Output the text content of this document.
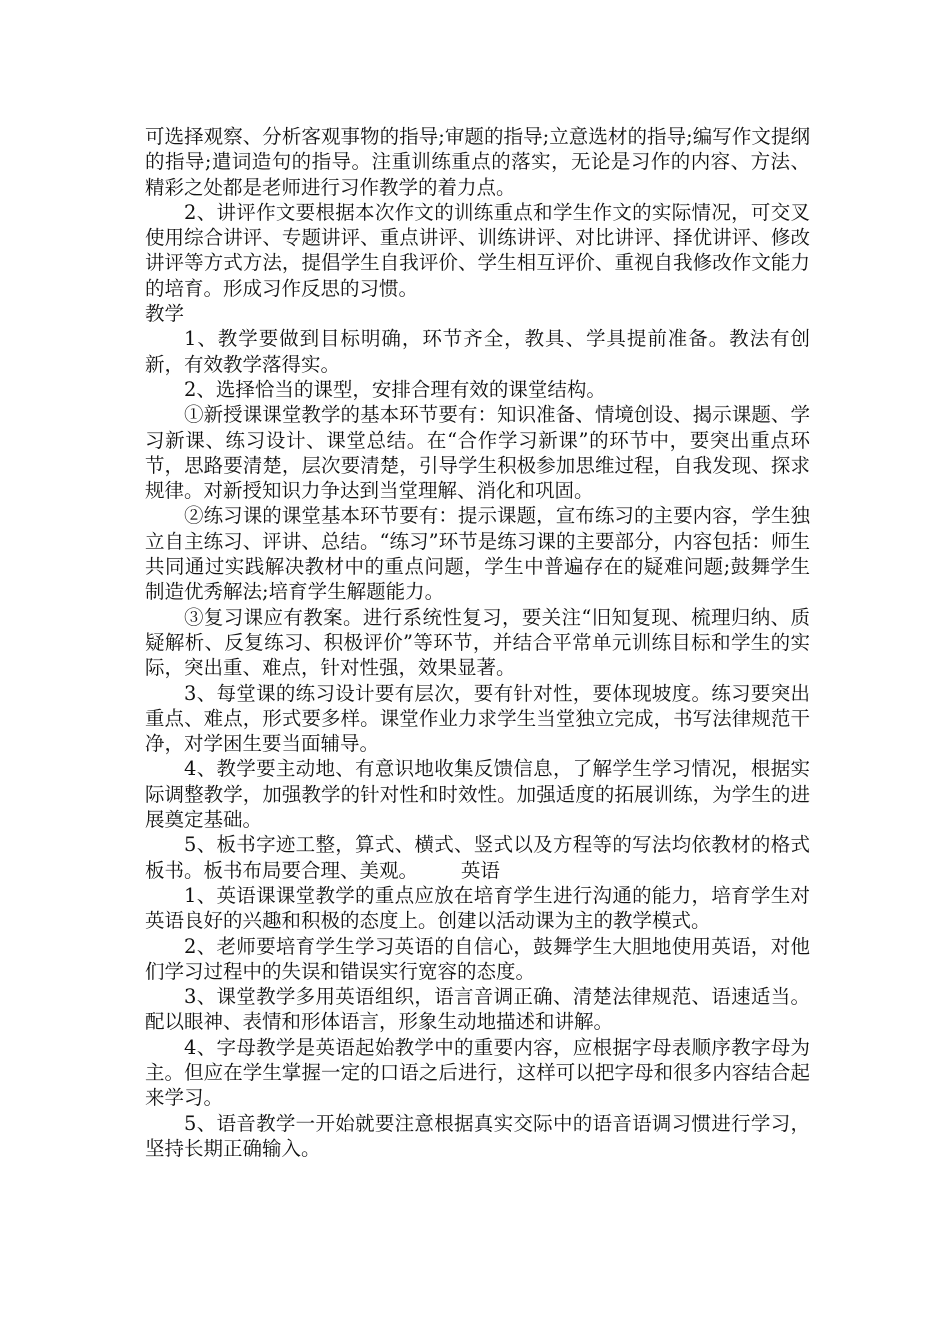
可选择观察、分析客观事物的指导;审题的指导;立意选材的指导;编写作文提纲的指导;遣词造句的指导。注重训练重点的落实，无论是习作的内容、方法、精彩之处都是老师进行习作教学的着力点。

2、讲评作文要根据本次作文的训练重点和学生作文的实际情况，可交叉使用综合讲评、专题讲评、重点讲评、训练讲评、对比讲评、择优讲评、修改讲评等方式方法，提倡学生自我评价、学生相互评价、重视自我修改作文能力的培育。形成习作反思的习惯。

教学

1、教学要做到目标明确，环节齐全，教具、学具提前准备。教法有创新，有效教学落得实。

2、选择恰当的课型，安排合理有效的课堂结构。

①新授课课堂教学的基本环节要有：知识准备、情境创设、揭示课题、学习新课、练习设计、课堂总结。在“合作学习新课”的环节中，要突出重点环节，思路要清楚，层次要清楚，引导学生积极参加思维过程，自我发现、探求规律。对新授知识力争达到当堂理解、消化和巩固。

②练习课的课堂基本环节要有：提示课题，宣布练习的主要内容，学生独立自主练习、评讲、总结。“练习”环节是练习课的主要部分，内容包括：师生共同通过实践解决教材中的重点问题，学生中普遍存在的疑难问题;鼓舞学生制造优秀解法;培育学生解题能力。

③复习课应有教案。进行系统性复习，要关注“旧知复现、梳理归纳、质疑解析、反复练习、积极评价”等环节，并结合平常单元训练目标和学生的实际，突出重、难点，针对性强，效果显著。

3、每堂课的练习设计要有层次，要有针对性，要体现坡度。练习要突出重点、难点，形式要多样。课堂作业力求学生当堂独立完成，书写法律规范干净，对学困生要当面辅导。

4、教学要主动地、有意识地收集反馈信息，了解学生学习情况，根据实际调整教学，加强教学的针对性和时效性。加强适度的拓展训练，为学生的进展奠定基础。

5、板书字迹工整，算式、横式、竖式以及方程等的写法均依教材的格式板书。板书布局要合理、美观。 英语

1、英语课课堂教学的重点应放在培育学生进行沟通的能力，培育学生对英语良好的兴趣和积极的态度上。创建以活动课为主的教学模式。

2、老师要培育学生学习英语的自信心，鼓舞学生大胆地使用英语，对他们学习过程中的失误和错误实行宽容的态度。

3、课堂教学多用英语组织，语言音调正确、清楚法律规范、语速适当。配以眼神、表情和形体语言，形象生动地描述和讲解。

4、字母教学是英语起始教学中的重要内容，应根据字母表顺序教字母为主。但应在学生掌握一定的口语之后进行，这样可以把字母和很多内容结合起来学习。

5、语音教学一开始就要注意根据真实交际中的语音语调习惯进行学习，坚持长期正确输入。
